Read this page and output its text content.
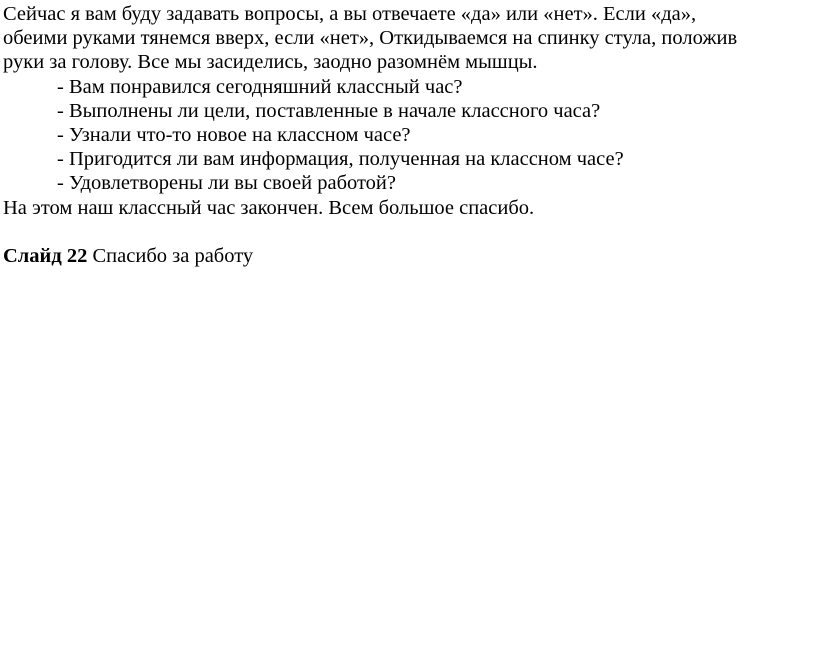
Сейчас я вам буду задавать вопросы, а вы отвечаете «да» или «нет». Если «да»,

обеими руками тянемся вверх, если «нет», Откидываемся на спинку стула, положив

руки за голову. Все мы засиделись, заодно разомнём мышцы.

- Вам понравился сегодняшний классный час?

- Выполнены ли цели, поставленные в начале классного часа?

- Узнали что-то новое на классном часе?

- Пригодится ли вам информация, полученная на классном часе?

- Удовлетворены ли вы своей работой?

На этом наш классный час закончен. Всем большое спасибо.

Слайд 22 Спасибо за работу
